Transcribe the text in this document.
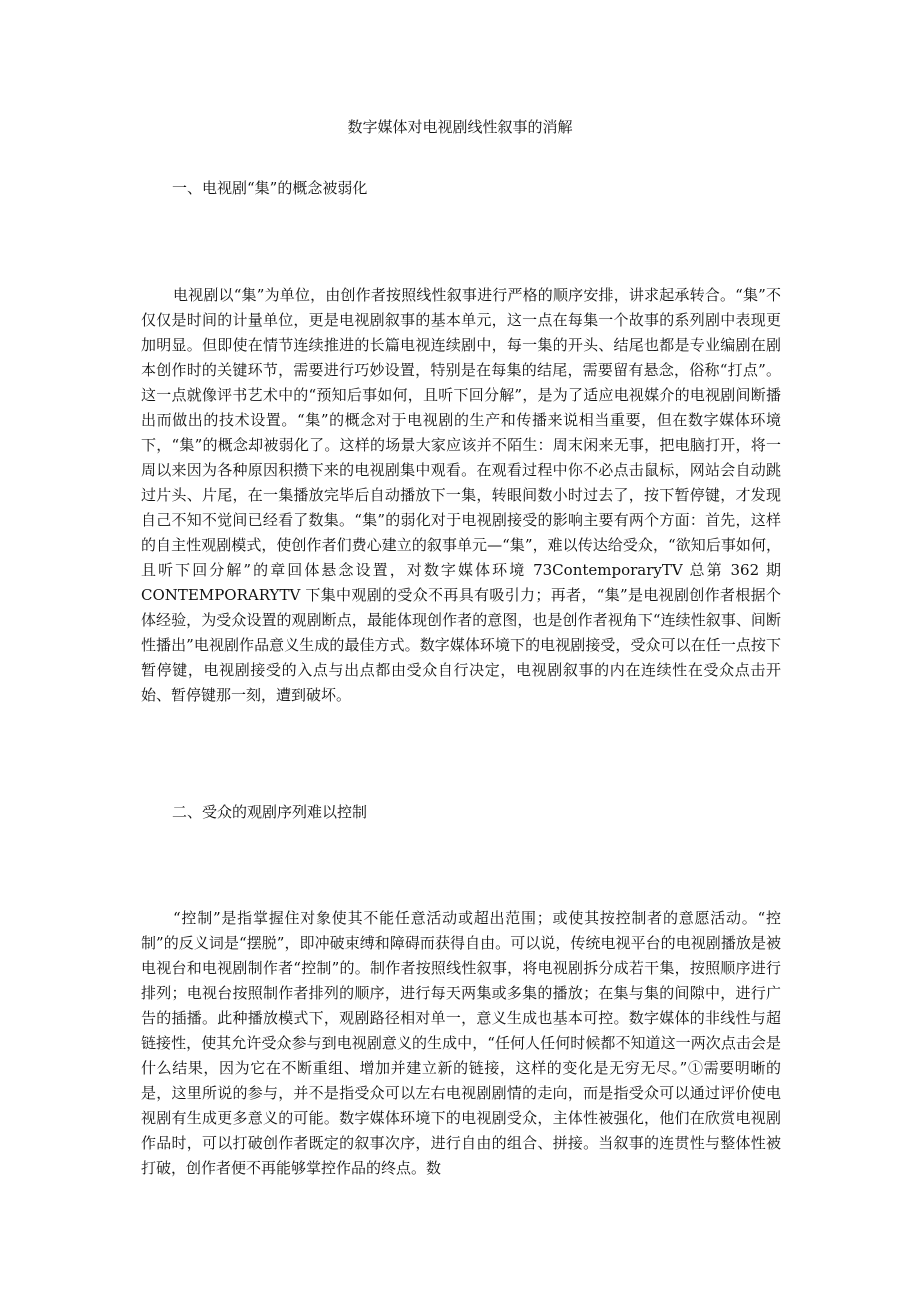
数字媒体对电视剧线性叙事的消解
一、电视剧“集”的概念被弱化

电视剧以“集”为单位，由创作者按照线性叙事进行严格的顺序安排，讲求起承转合。“集”不仅仅是时间的计量单位，更是电视剧叙事的基本单元，这一点在每集一个故事的系列剧中表现更加明显。但即使在情节连续推进的长篇电视连续剧中，每一集的开头、结尾也都是专业编剧在剧本创作时的关键环节，需要进行巧妙设置，特别是在每集的结尾，需要留有悬念，俗称“打点”。这一点就像评书艺术中的“预知后事如何，且听下回分解”，是为了适应电视媒介的电视剧间断播出而做出的技术设置。“集”的概念对于电视剧的生产和传播来说相当重要，但在数字媒体环境下，“集”的概念却被弱化了。这样的场景大家应该并不陌生：周末闲来无事，把电脑打开，将一周以来因为各种原因积攒下来的电视剧集中观看。在观看过程中你不必点击鼠标，网站会自动跳过片头、片尾，在一集播放完毕后自动播放下一集，转眼间数小时过去了，按下暂停键，才发现自己不知不觉间已经看了数集。“集”的弱化对于电视剧接受的影响主要有两个方面：首先，这样的自主性观剧模式，使创作者们费心建立的叙事单元—“集”，难以传达给受众，“欲知后事如何，且听下回分解”的章回体悬念设置，对数字媒体环境 73ContemporaryTV 总第 362 期 CONTEMPORARYTV 下集中观剧的受众不再具有吸引力；再者，“集”是电视剧创作者根据个体经验，为受众设置的观剧断点，最能体现创作者的意图，也是创作者视角下“连续性叙事、间断性播出”电视剧作品意义生成的最佳方式。数字媒体环境下的电视剧接受，受众可以在任一点按下暂停键，电视剧接受的入点与出点都由受众自行决定，电视剧叙事的内在连续性在受众点击开始、暂停键那一刻，遭到破坏。

二、受众的观剧序列难以控制

“控制”是指掌握住对象使其不能任意活动或超出范围；或使其按控制者的意愿活动。“控制”的反义词是“摆脱”，即冲破束缚和障碍而获得自由。可以说，传统电视平台的电视剧播放是被电视台和电视剧制作者“控制”的。制作者按照线性叙事，将电视剧拆分成若干集，按照顺序进行排列；电视台按照制作者排列的顺序，进行每天两集或多集的播放；在集与集的间隙中，进行广告的插播。此种播放模式下，观剧路径相对单一，意义生成也基本可控。数字媒体的非线性与超链接性，使其允许受众参与到电视剧意义的生成中，“任何人任何时候都不知道这一两次点击会是什么结果，因为它在不断重组、增加并建立新的链接，这样的变化是无穷无尽。”①需要明晰的是，这里所说的参与，并不是指受众可以左右电视剧剧情的走向，而是指受众可以通过评价使电视剧有生成更多意义的可能。数字媒体环境下的电视剧受众，主体性被强化，他们在欣赏电视剧作品时，可以打破创作者既定的叙事次序，进行自由的组合、拼接。当叙事的连贯性与整体性被打破，创作者便不再能够掌控作品的终点。数
